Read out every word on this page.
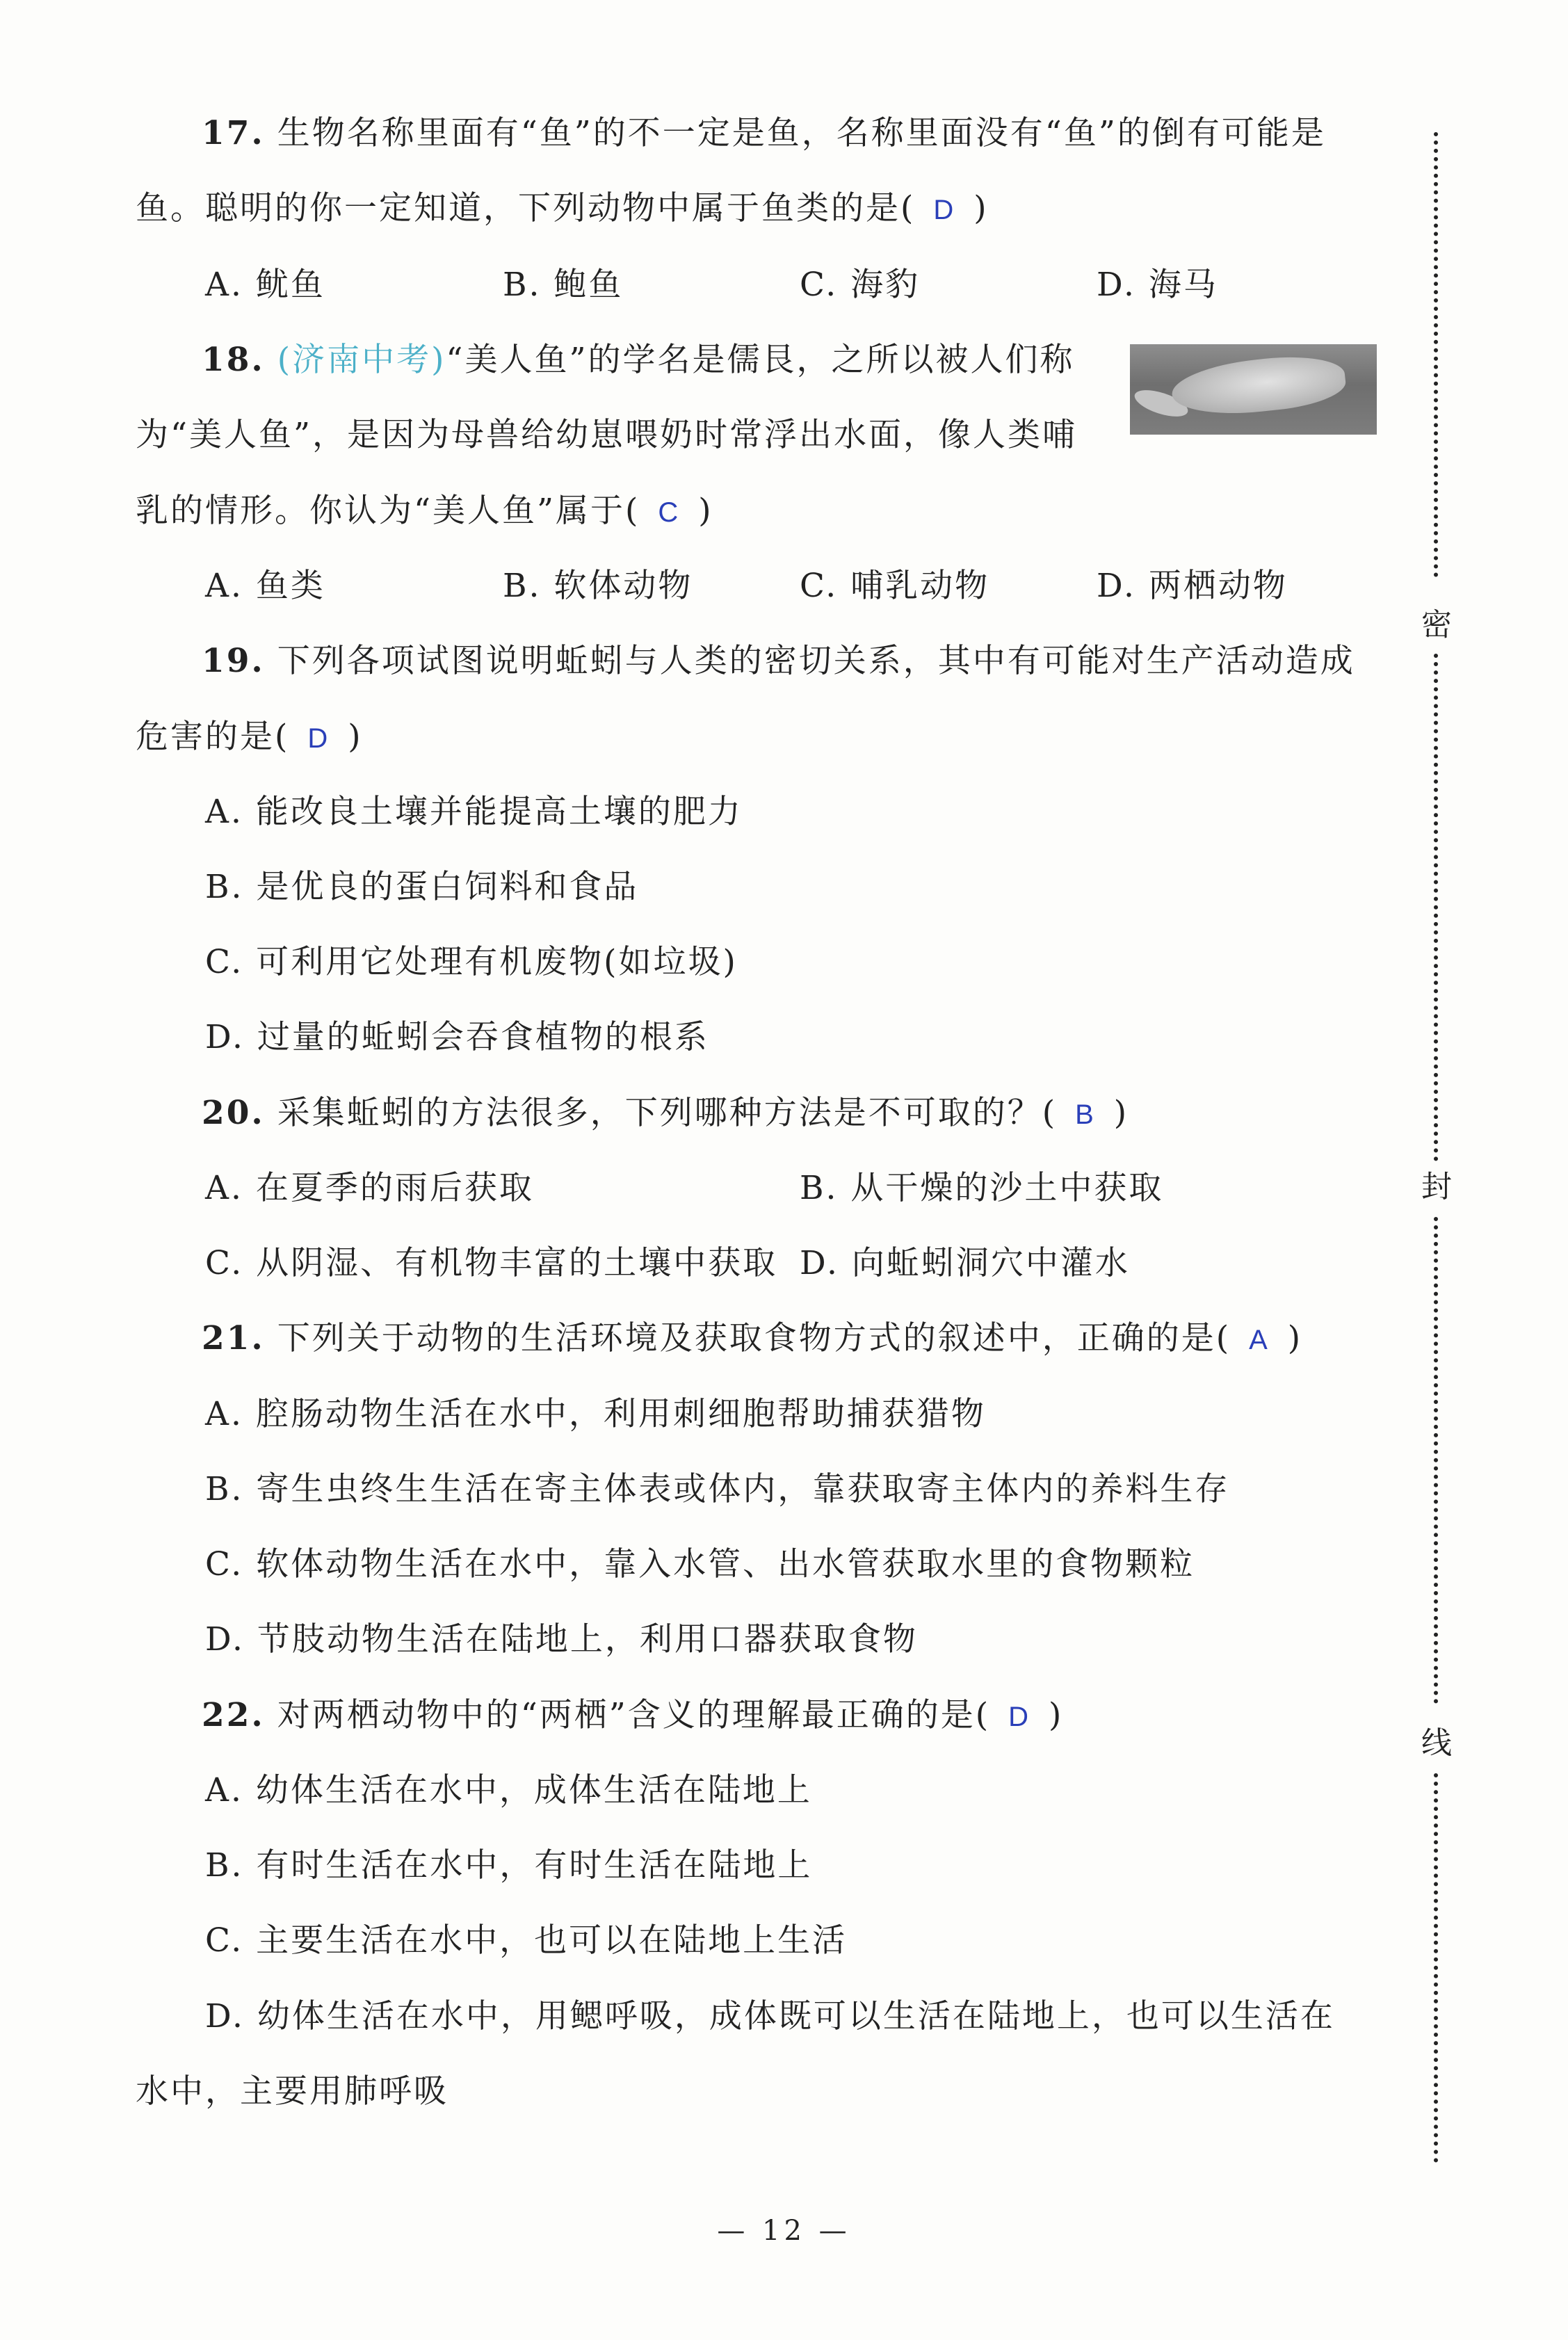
17. 生物名称里面有“鱼”的不一定是鱼，名称里面没有“鱼”的倒有可能是
鱼。聪明的你一定知道，下列动物中属于鱼类的是( D )
A. 鱿鱼	B. 鲍鱼	C. 海豹	D. 海马
18. (济南中考)“美人鱼”的学名是儒艮，之所以被人们称
为“美人鱼”，是因为母兽给幼崽喂奶时常浮出水面，像人类哺
乳的情形。你认为“美人鱼”属于( C )
A. 鱼类	B. 软体动物	C. 哺乳动物	D. 两栖动物
19. 下列各项试图说明蚯蚓与人类的密切关系，其中有可能对生产活动造成
危害的是( D )
A. 能改良土壤并能提高土壤的肥力
B. 是优良的蛋白饲料和食品
C. 可利用它处理有机废物(如垃圾)
D. 过量的蚯蚓会吞食植物的根系
20. 采集蚯蚓的方法很多，下列哪种方法是不可取的？( B )
A. 在夏季的雨后获取	B. 从干燥的沙土中获取
C. 从阴湿、有机物丰富的土壤中获取 D. 向蚯蚓洞穴中灌水
21. 下列关于动物的生活环境及获取食物方式的叙述中，正确的是( A )
A. 腔肠动物生活在水中，利用刺细胞帮助捕获猎物
B. 寄生虫终生生活在寄主体表或体内，靠获取寄主体内的养料生存
C. 软体动物生活在水中，靠入水管、出水管获取水里的食物颗粒
D. 节肢动物生活在陆地上，利用口器获取食物
22. 对两栖动物中的“两栖”含义的理解最正确的是( D )
A. 幼体生活在水中，成体生活在陆地上
B. 有时生活在水中，有时生活在陆地上
C. 主要生活在水中，也可以在陆地上生活
D. 幼体生活在水中，用鳃呼吸，成体既可以生活在陆地上，也可以生活在
水中，主要用肺呼吸
密
封
线
— 12 —
